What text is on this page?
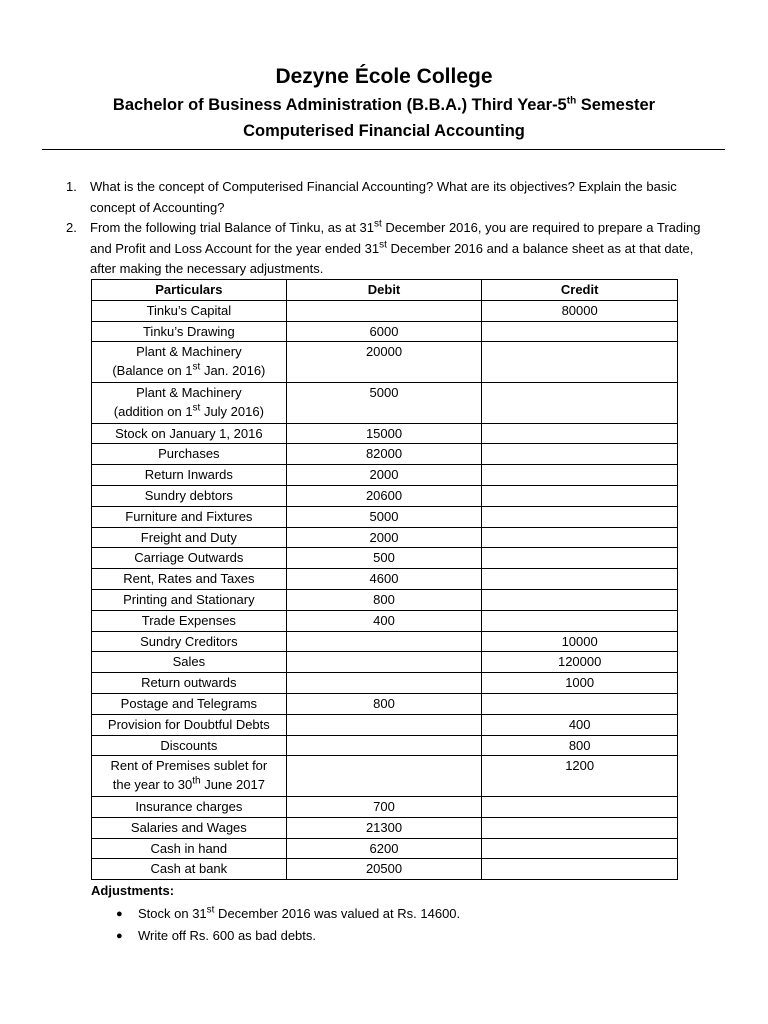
Dezyne École College
Bachelor of Business Administration (B.B.A.) Third Year-5th Semester
Computerised Financial Accounting
1. What is the concept of Computerised Financial Accounting? What are its objectives? Explain the basic concept of Accounting?
2. From the following trial Balance of Tinku, as at 31st December 2016, you are required to prepare a Trading and Profit and Loss Account for the year ended 31st December 2016 and a balance sheet as at that date, after making the necessary adjustments.
Particulars	Debit	Credit
Tinku’s Capital		80000
Tinku’s Drawing	6000	
Plant & Machinery
(Balance on 1st Jan. 2016)	20000	
Plant & Machinery
(addition on 1st July 2016)	5000	
Stock on January 1, 2016	15000	
Purchases	82000	
Return Inwards	2000	
Sundry debtors	20600	
Furniture and Fixtures	5000	
Freight and Duty	2000	
Carriage Outwards	500	
Rent, Rates and Taxes	4600	
Printing and Stationary	800	
Trade Expenses	400	
Sundry Creditors		10000
Sales		120000
Return outwards		1000
Postage and Telegrams	800	
Provision for Doubtful Debts		400
Discounts		800
Rent of Premises sublet for
the year to 30th June 2017		1200
Insurance charges	700	
Salaries and Wages	21300	
Cash in hand	6200	
Cash at bank	20500	
Adjustments:
● Stock on 31st December 2016 was valued at Rs. 14600.
● Write off Rs. 600 as bad debts.
